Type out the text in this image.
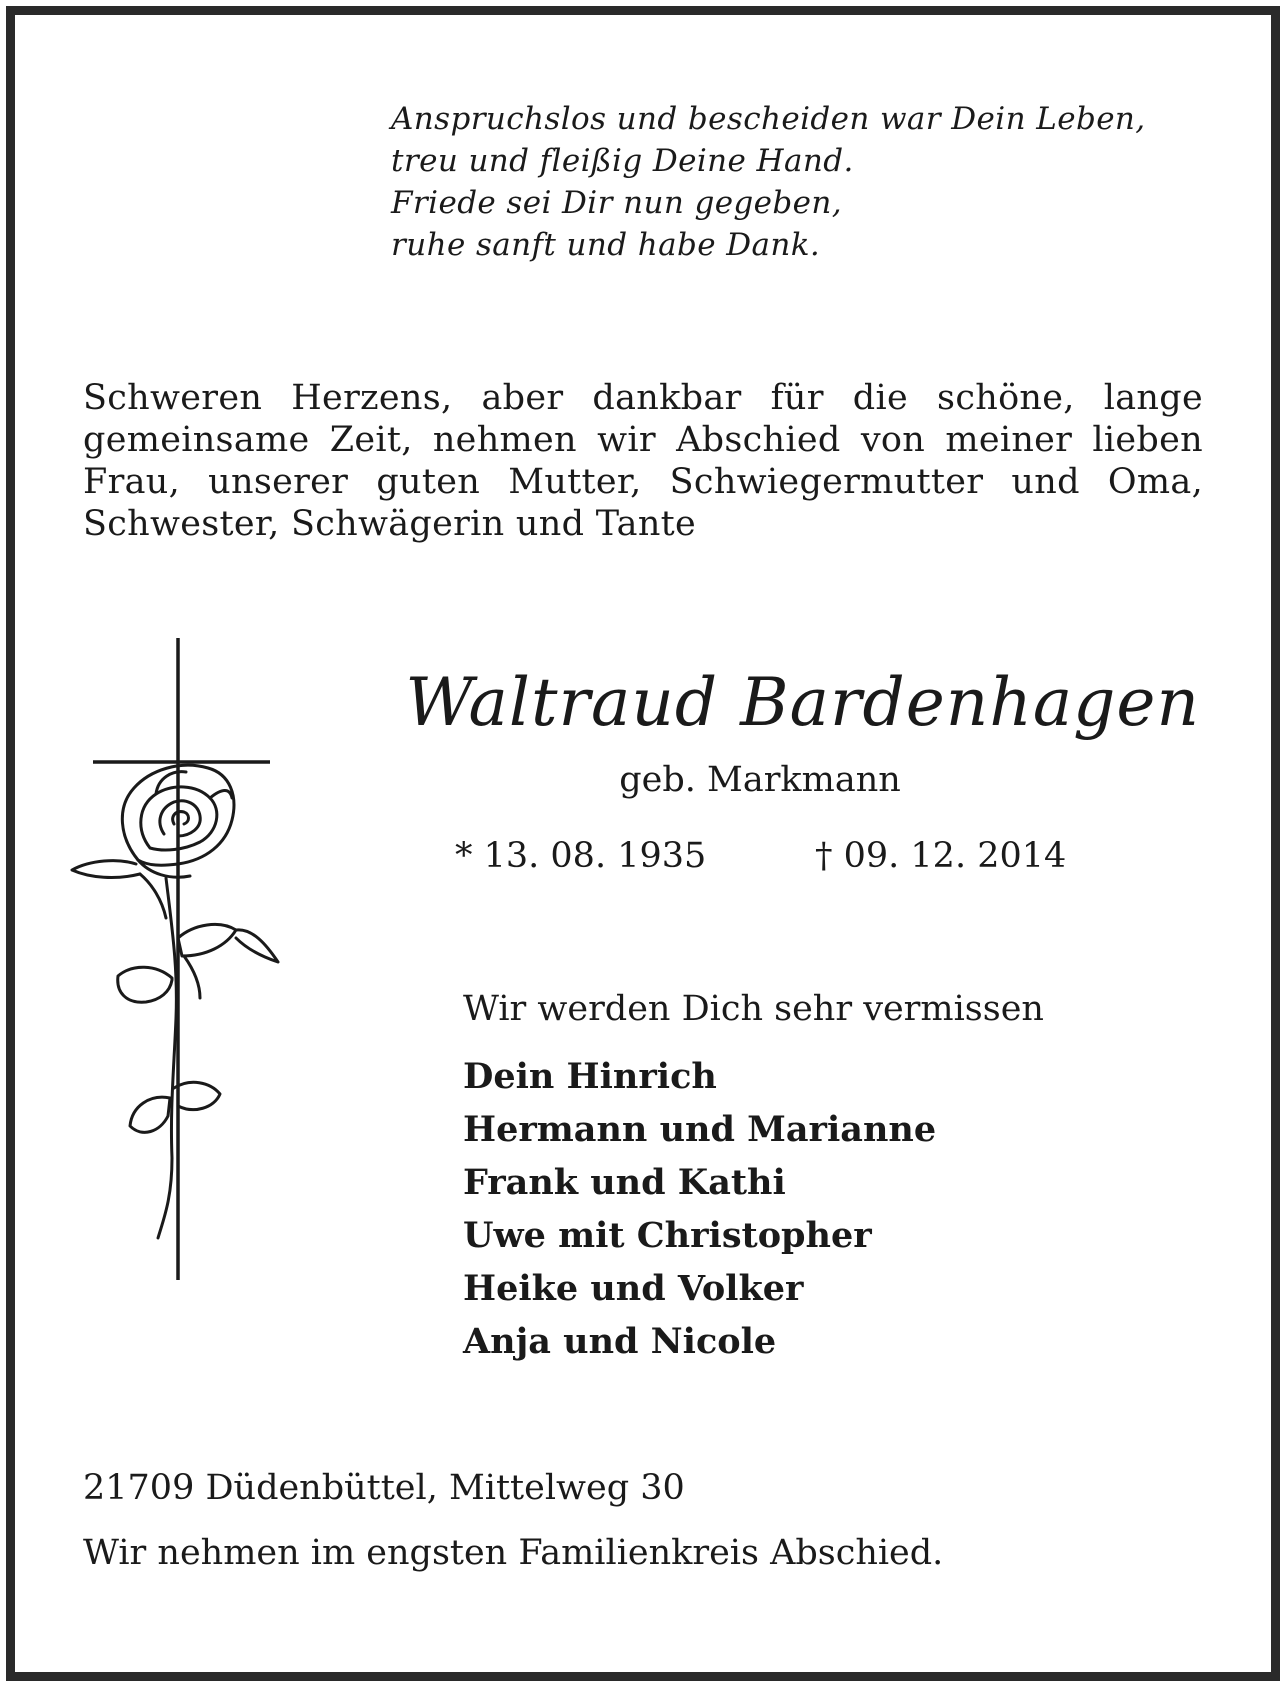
Anspruchslos und bescheiden war Dein Leben,
treu und fleißig Deine Hand.
Friede sei Dir nun gegeben,
ruhe sanft und habe Dank.
Schweren Herzens, aber dankbar für die schöne, lange gemeinsame Zeit, nehmen wir Abschied von meiner lieben Frau, unserer guten Mutter, Schwiegermutter und Oma, Schwester, Schwägerin und Tante
Waltraud Bardenhagen
geb. Markmann
* 13. 08. 1935	† 09. 12. 2014
Wir werden Dich sehr vermissen
Dein Hinrich
Hermann und Marianne
Frank und Kathi
Uwe mit Christopher
Heike und Volker
Anja und Nicole
21709 Düdenbüttel, Mittelweg 30
Wir nehmen im engsten Familienkreis Abschied.
